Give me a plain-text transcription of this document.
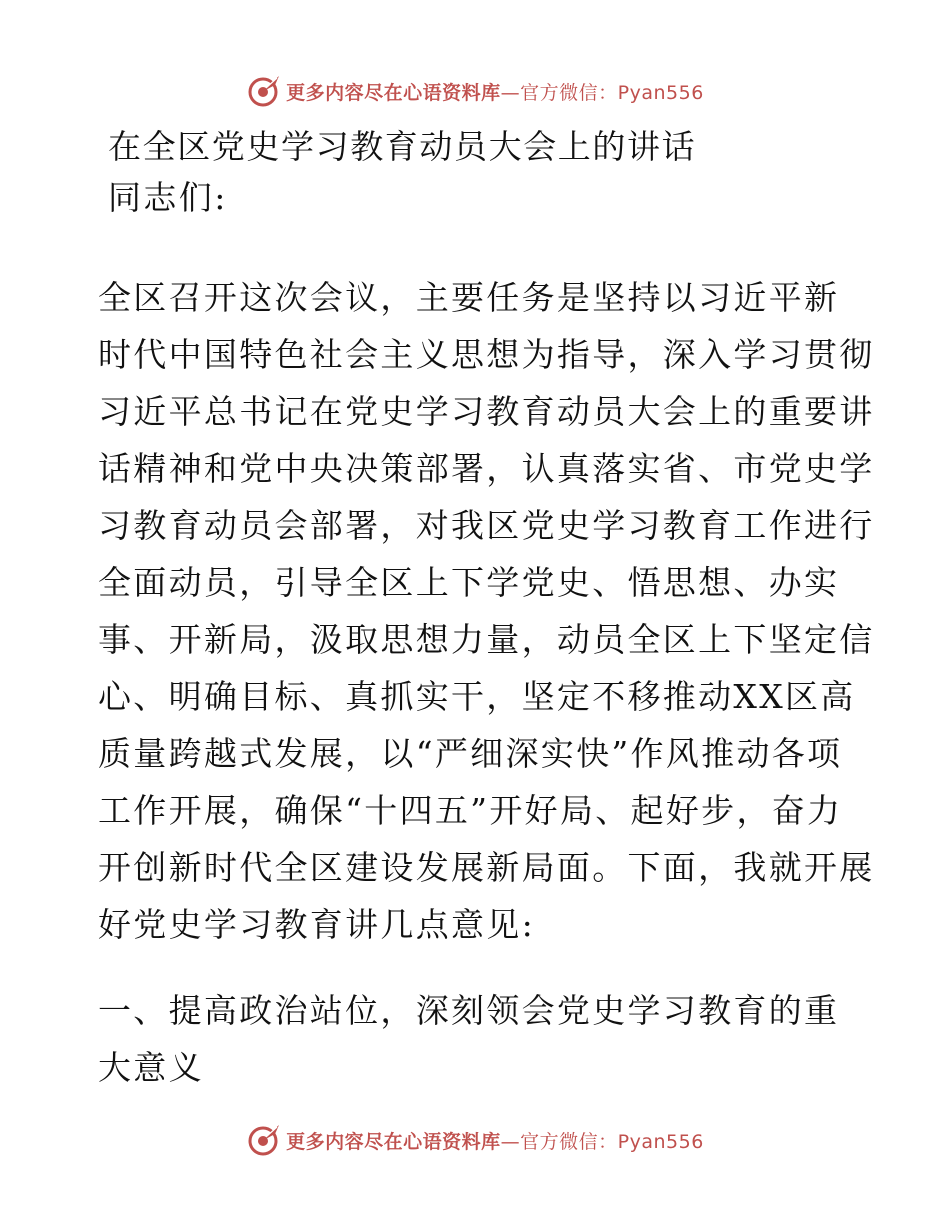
更多内容尽在心语资料库—官方微信：Pyan556
在全区党史学习教育动员大会上的讲话
同志们:
全区召开这次会议，主要任务是坚持以习近平新
时代中国特色社会主义思想为指导，深入学习贯彻
习近平总书记在党史学习教育动员大会上的重要讲
话精神和党中央决策部署，认真落实省、市党史学
习教育动员会部署，对我区党史学习教育工作进行
全面动员，引导全区上下学党史、悟思想、办实
事、开新局，汲取思想力量，动员全区上下坚定信
心、明确目标、真抓实干，坚定不移推动XX区高
质量跨越式发展，以“严细深实快”作风推动各项
工作开展，确保“十四五”开好局、起好步，奋力
开创新时代全区建设发展新局面。下面，我就开展
好党史学习教育讲几点意见:
一、提高政治站位，深刻领会党史学习教育的重
大意义
更多内容尽在心语资料库—官方微信：Pyan556
